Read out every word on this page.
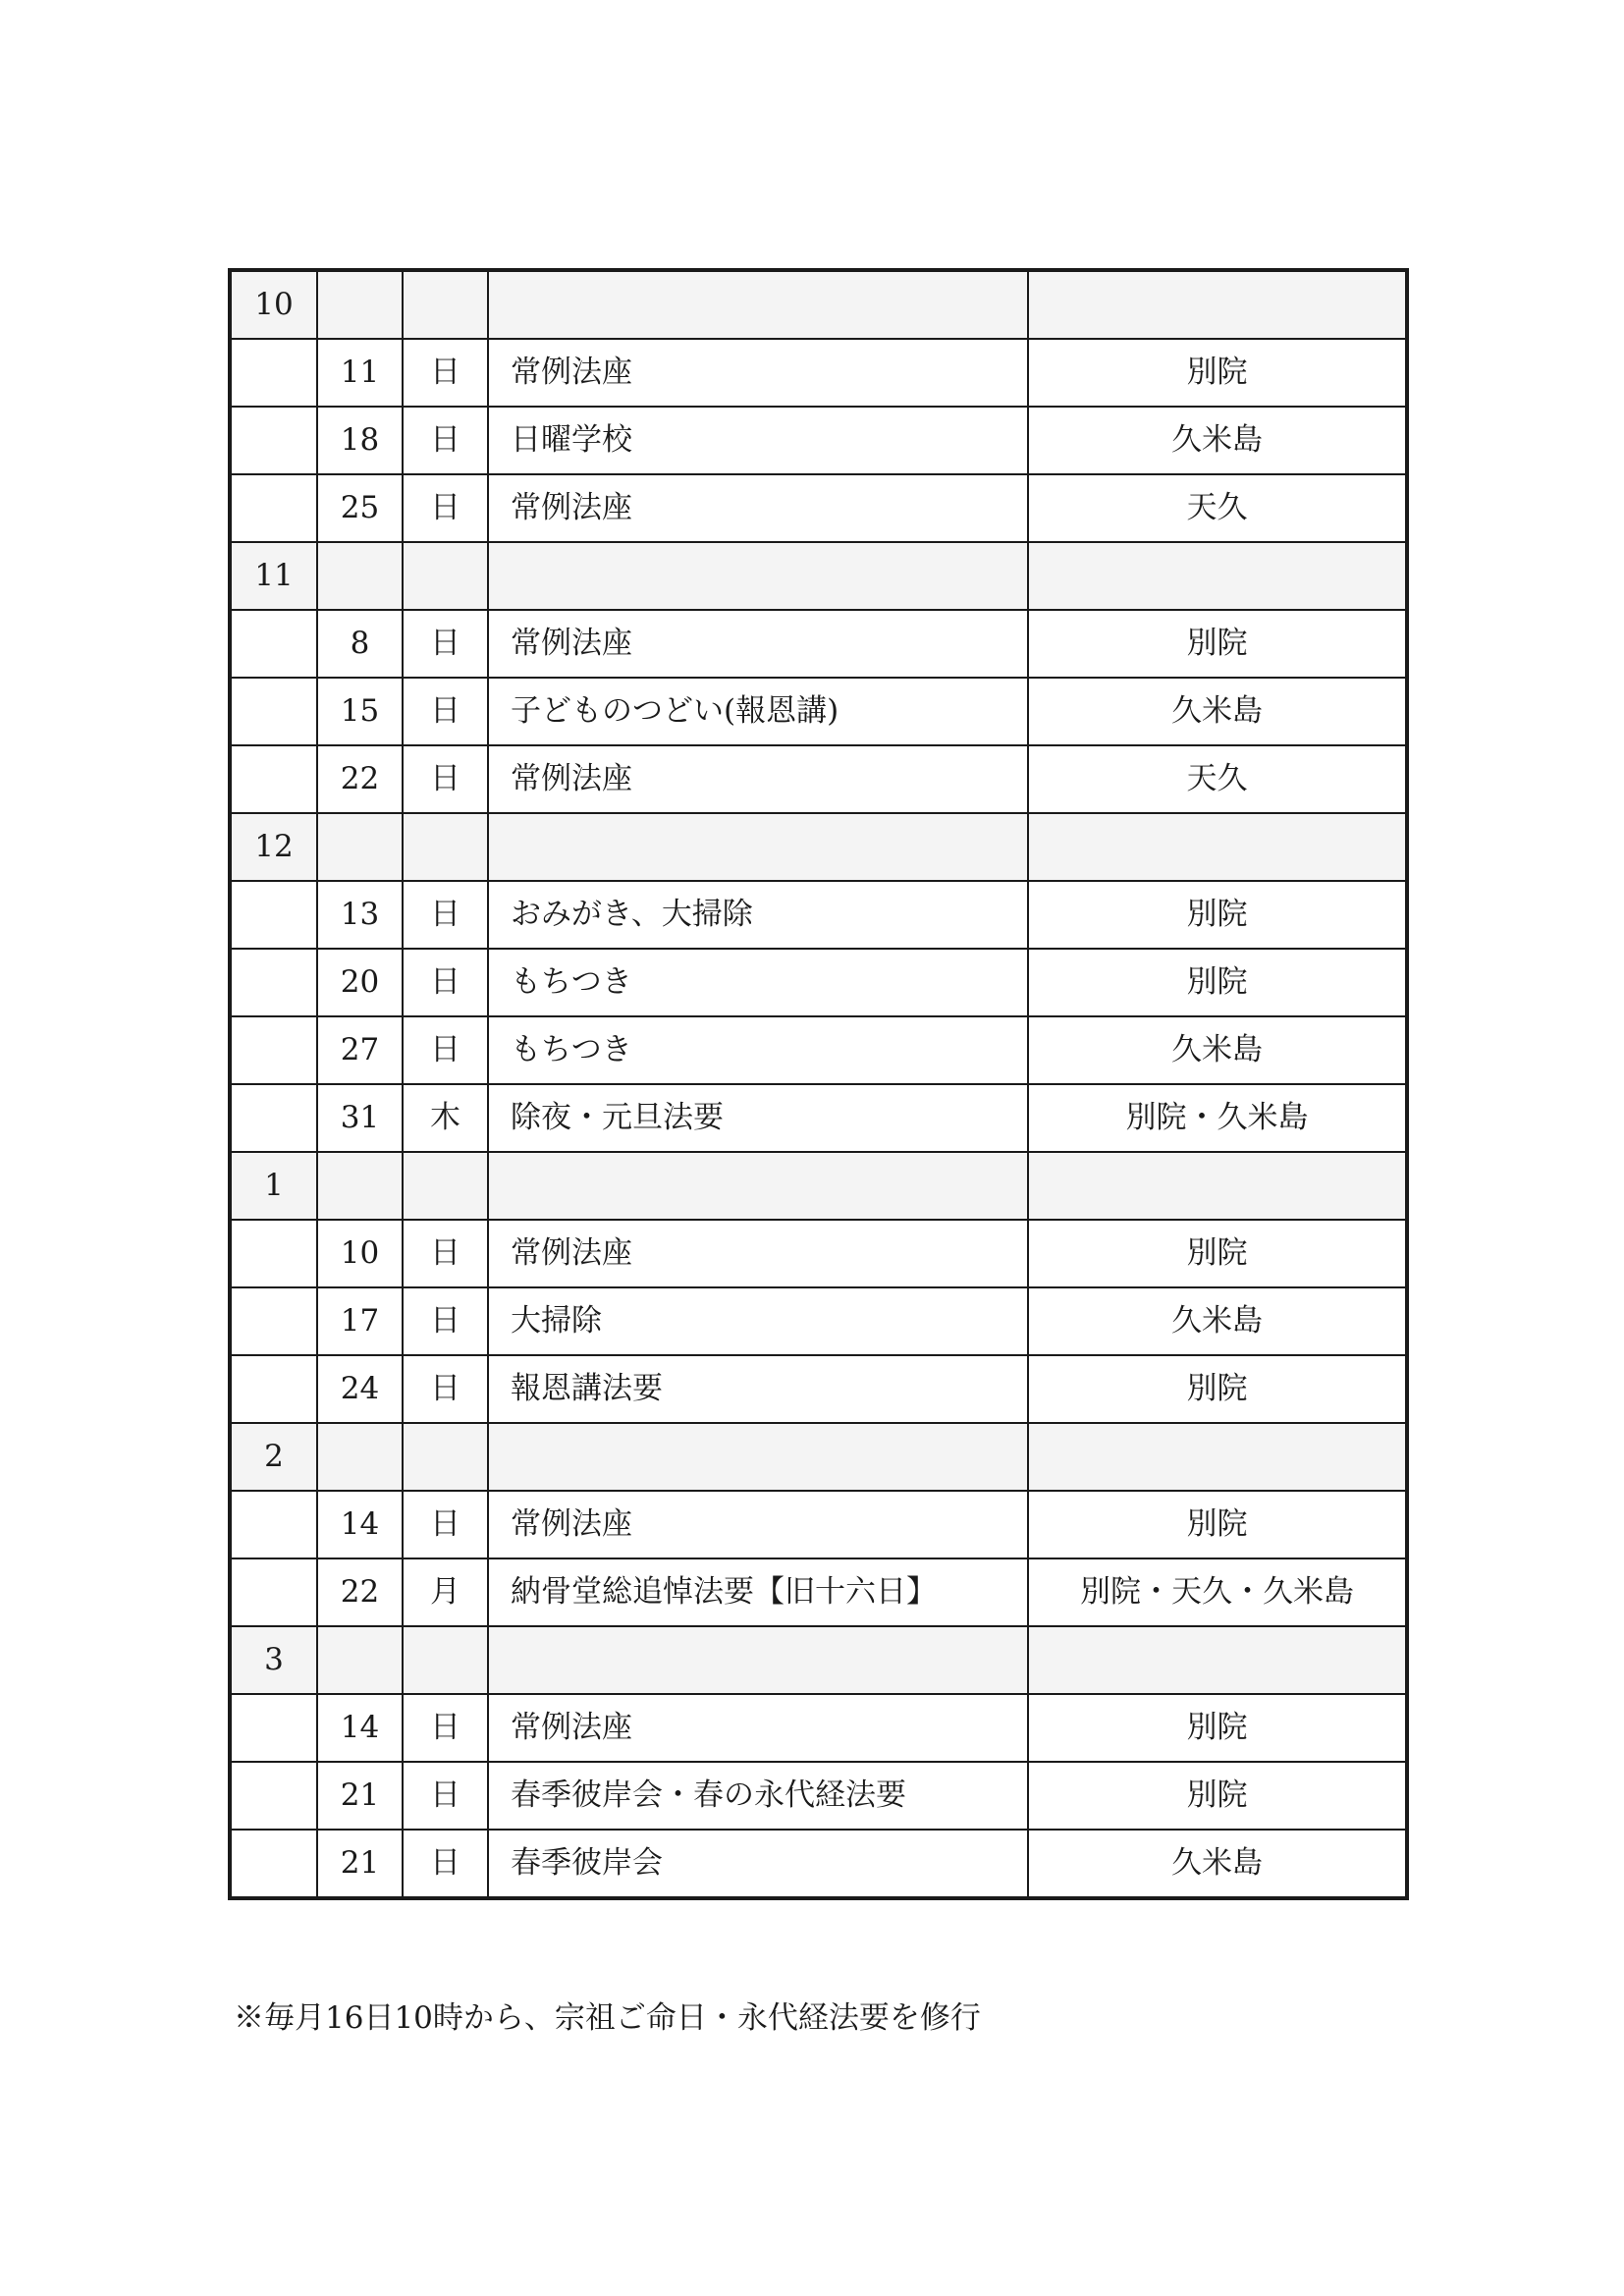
10				
	11	日	常例法座	別院
	18	日	日曜学校	久米島
	25	日	常例法座	天久
11				
	8	日	常例法座	別院
	15	日	子どものつどい(報恩講)	久米島
	22	日	常例法座	天久
12				
	13	日	おみがき、大掃除	別院
	20	日	もちつき	別院
	27	日	もちつき	久米島
	31	木	除夜・元旦法要	別院・久米島
1				
	10	日	常例法座	別院
	17	日	大掃除	久米島
	24	日	報恩講法要	別院
2				
	14	日	常例法座	別院
	22	月	納骨堂総追悼法要【旧十六日】	別院・天久・久米島
3				
	14	日	常例法座	別院
	21	日	春季彼岸会・春の永代経法要	別院
	21	日	春季彼岸会	久米島
※毎月16日10時から、宗祖ご命日・永代経法要を修行
